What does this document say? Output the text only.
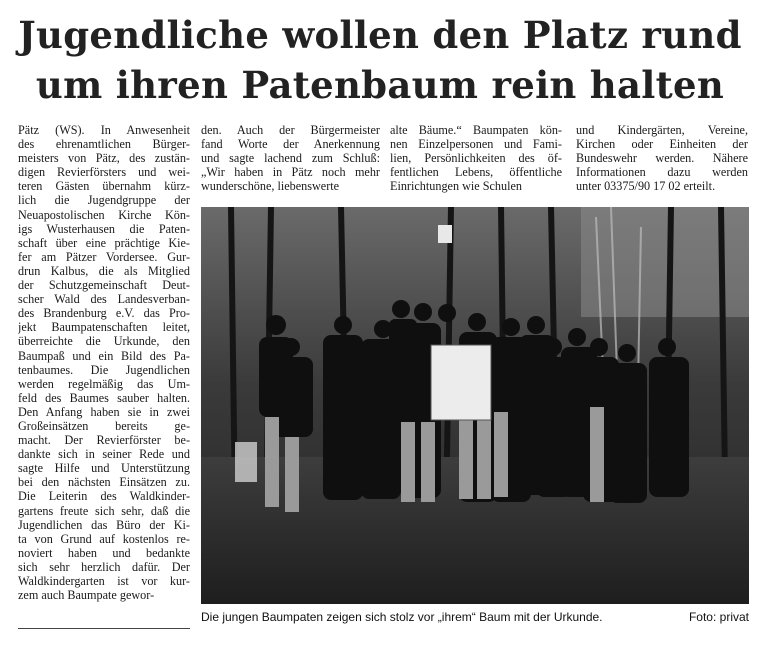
Jugendliche wollen den Platz rund
um ihren Patenbaum rein halten
Pätz (WS). In Anwesenheit
des ehrenamtlichen Bürger-
meisters von Pätz, des zustän-
digen Revierförsters und wei-
teren Gästen übernahm kürz-
lich die Jugendgruppe der
Neuapostolischen Kirche Kön-
igs Wusterhausen die Paten-
schaft über eine prächtige Kie-
fer am Pätzer Vordersee. Gur-
drun Kalbus, die als Mitglied
der Schutzgemeinschaft Deut-
scher Wald des Landesverban-
des Brandenburg e.V. das Pro-
jekt Baumpatenschaften leitet,
überreichte die Urkunde, den
Baumpaß und ein Bild des Pa-
tenbaumes. Die Jugendlichen
werden regelmäßig das Um-
feld des Baumes sauber halten.
Den Anfang haben sie in zwei
Großeinsätzen bereits ge-
macht. Der Revierförster be-
dankte sich in seiner Rede und
sagte Hilfe und Unterstützung
bei den nächsten Einsätzen zu.
Die Leiterin des Waldkinder-
gartens freute sich sehr, daß die
Jugendlichen das Büro der Ki-
ta von Grund auf kostenlos re-
noviert haben und bedankte
sich sehr herzlich dafür. Der
Waldkindergarten ist vor kur-
zem auch Baumpate gewor-
den. Auch der Bürgermeister
fand Worte der Anerkennung
und sagte lachend zum Schluß:
„Wir haben in Pätz noch mehr
wunderschöne, liebenswerte
alte Bäume.“ Baumpaten kön-
nen Einzelpersonen und Fami-
lien, Persönlichkeiten des öf-
fentlichen Lebens, öffentliche
Einrichtungen wie Schulen
und Kindergärten, Vereine,
Kirchen oder Einheiten der
Bundeswehr werden. Nähere
Informationen dazu werden
unter 03375/90 17 02 erteilt.
Die jungen Baumpaten zeigen sich stolz vor „ihrem“ Baum mit der Urkunde.	Foto: privat
